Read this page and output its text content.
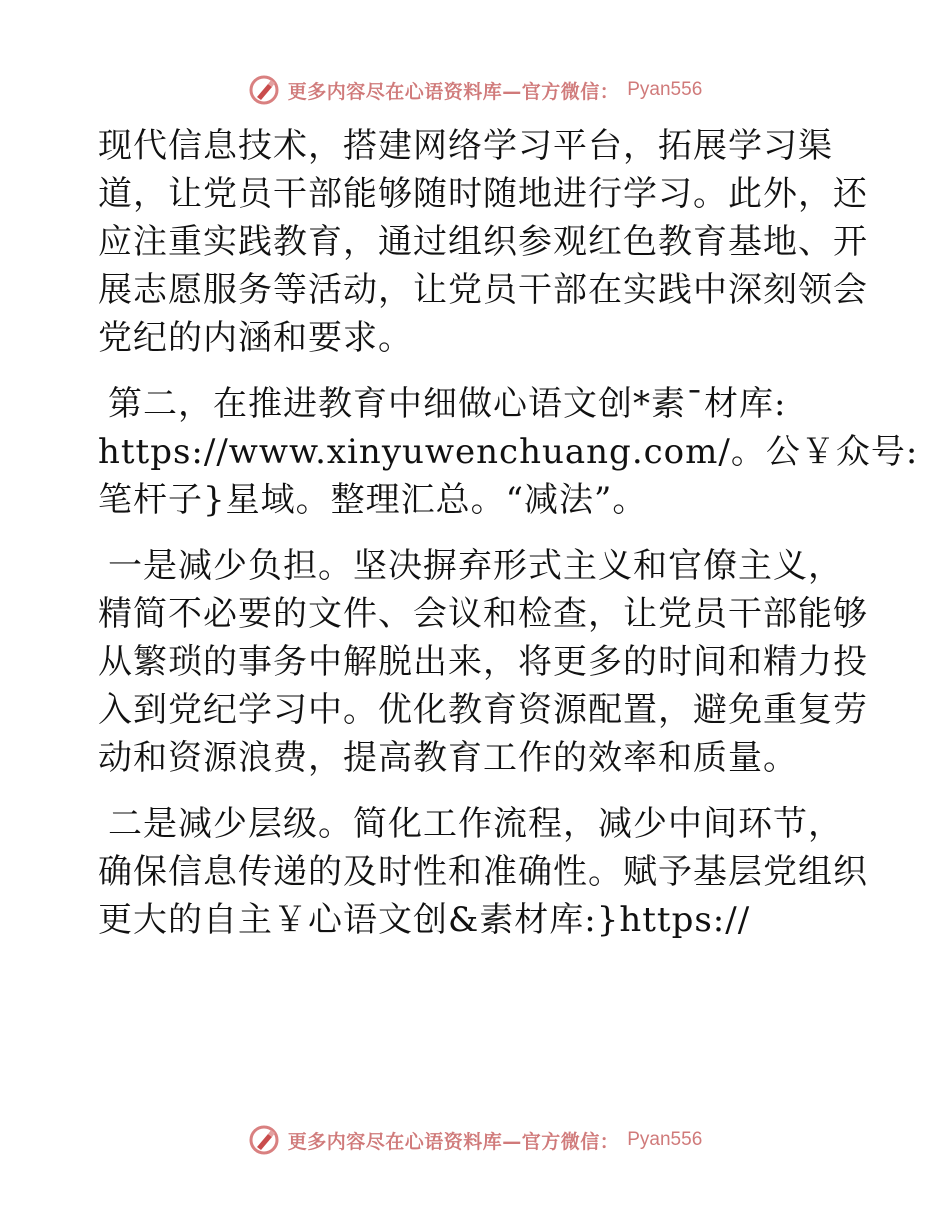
更多内容尽在心语资料库—官方微信： Pyan556
现代信息技术，搭建网络学习平台，拓展学习渠
道，让党员干部能够随时随地进行学习。此外，还
应注重实践教育，通过组织参观红色教育基地、开
展志愿服务等活动，让党员干部在实践中深刻领会
党纪的内涵和要求。
第二，在推进教育中细做心语文创*素¯材库:
https://www.xinyuwenchuang.com/。公￥众号:
笔杆子}星域。整理汇总。“减法”。
一是减少负担。坚决摒弃形式主义和官僚主义，
精简不必要的文件、会议和检查，让党员干部能够
从繁琐的事务中解脱出来，将更多的时间和精力投
入到党纪学习中。优化教育资源配置，避免重复劳
动和资源浪费，提高教育工作的效率和质量。
二是减少层级。简化工作流程，减少中间环节，
确保信息传递的及时性和准确性。赋予基层党组织
更大的自主￥心语文创&素材库:}https://
更多内容尽在心语资料库—官方微信： Pyan556
